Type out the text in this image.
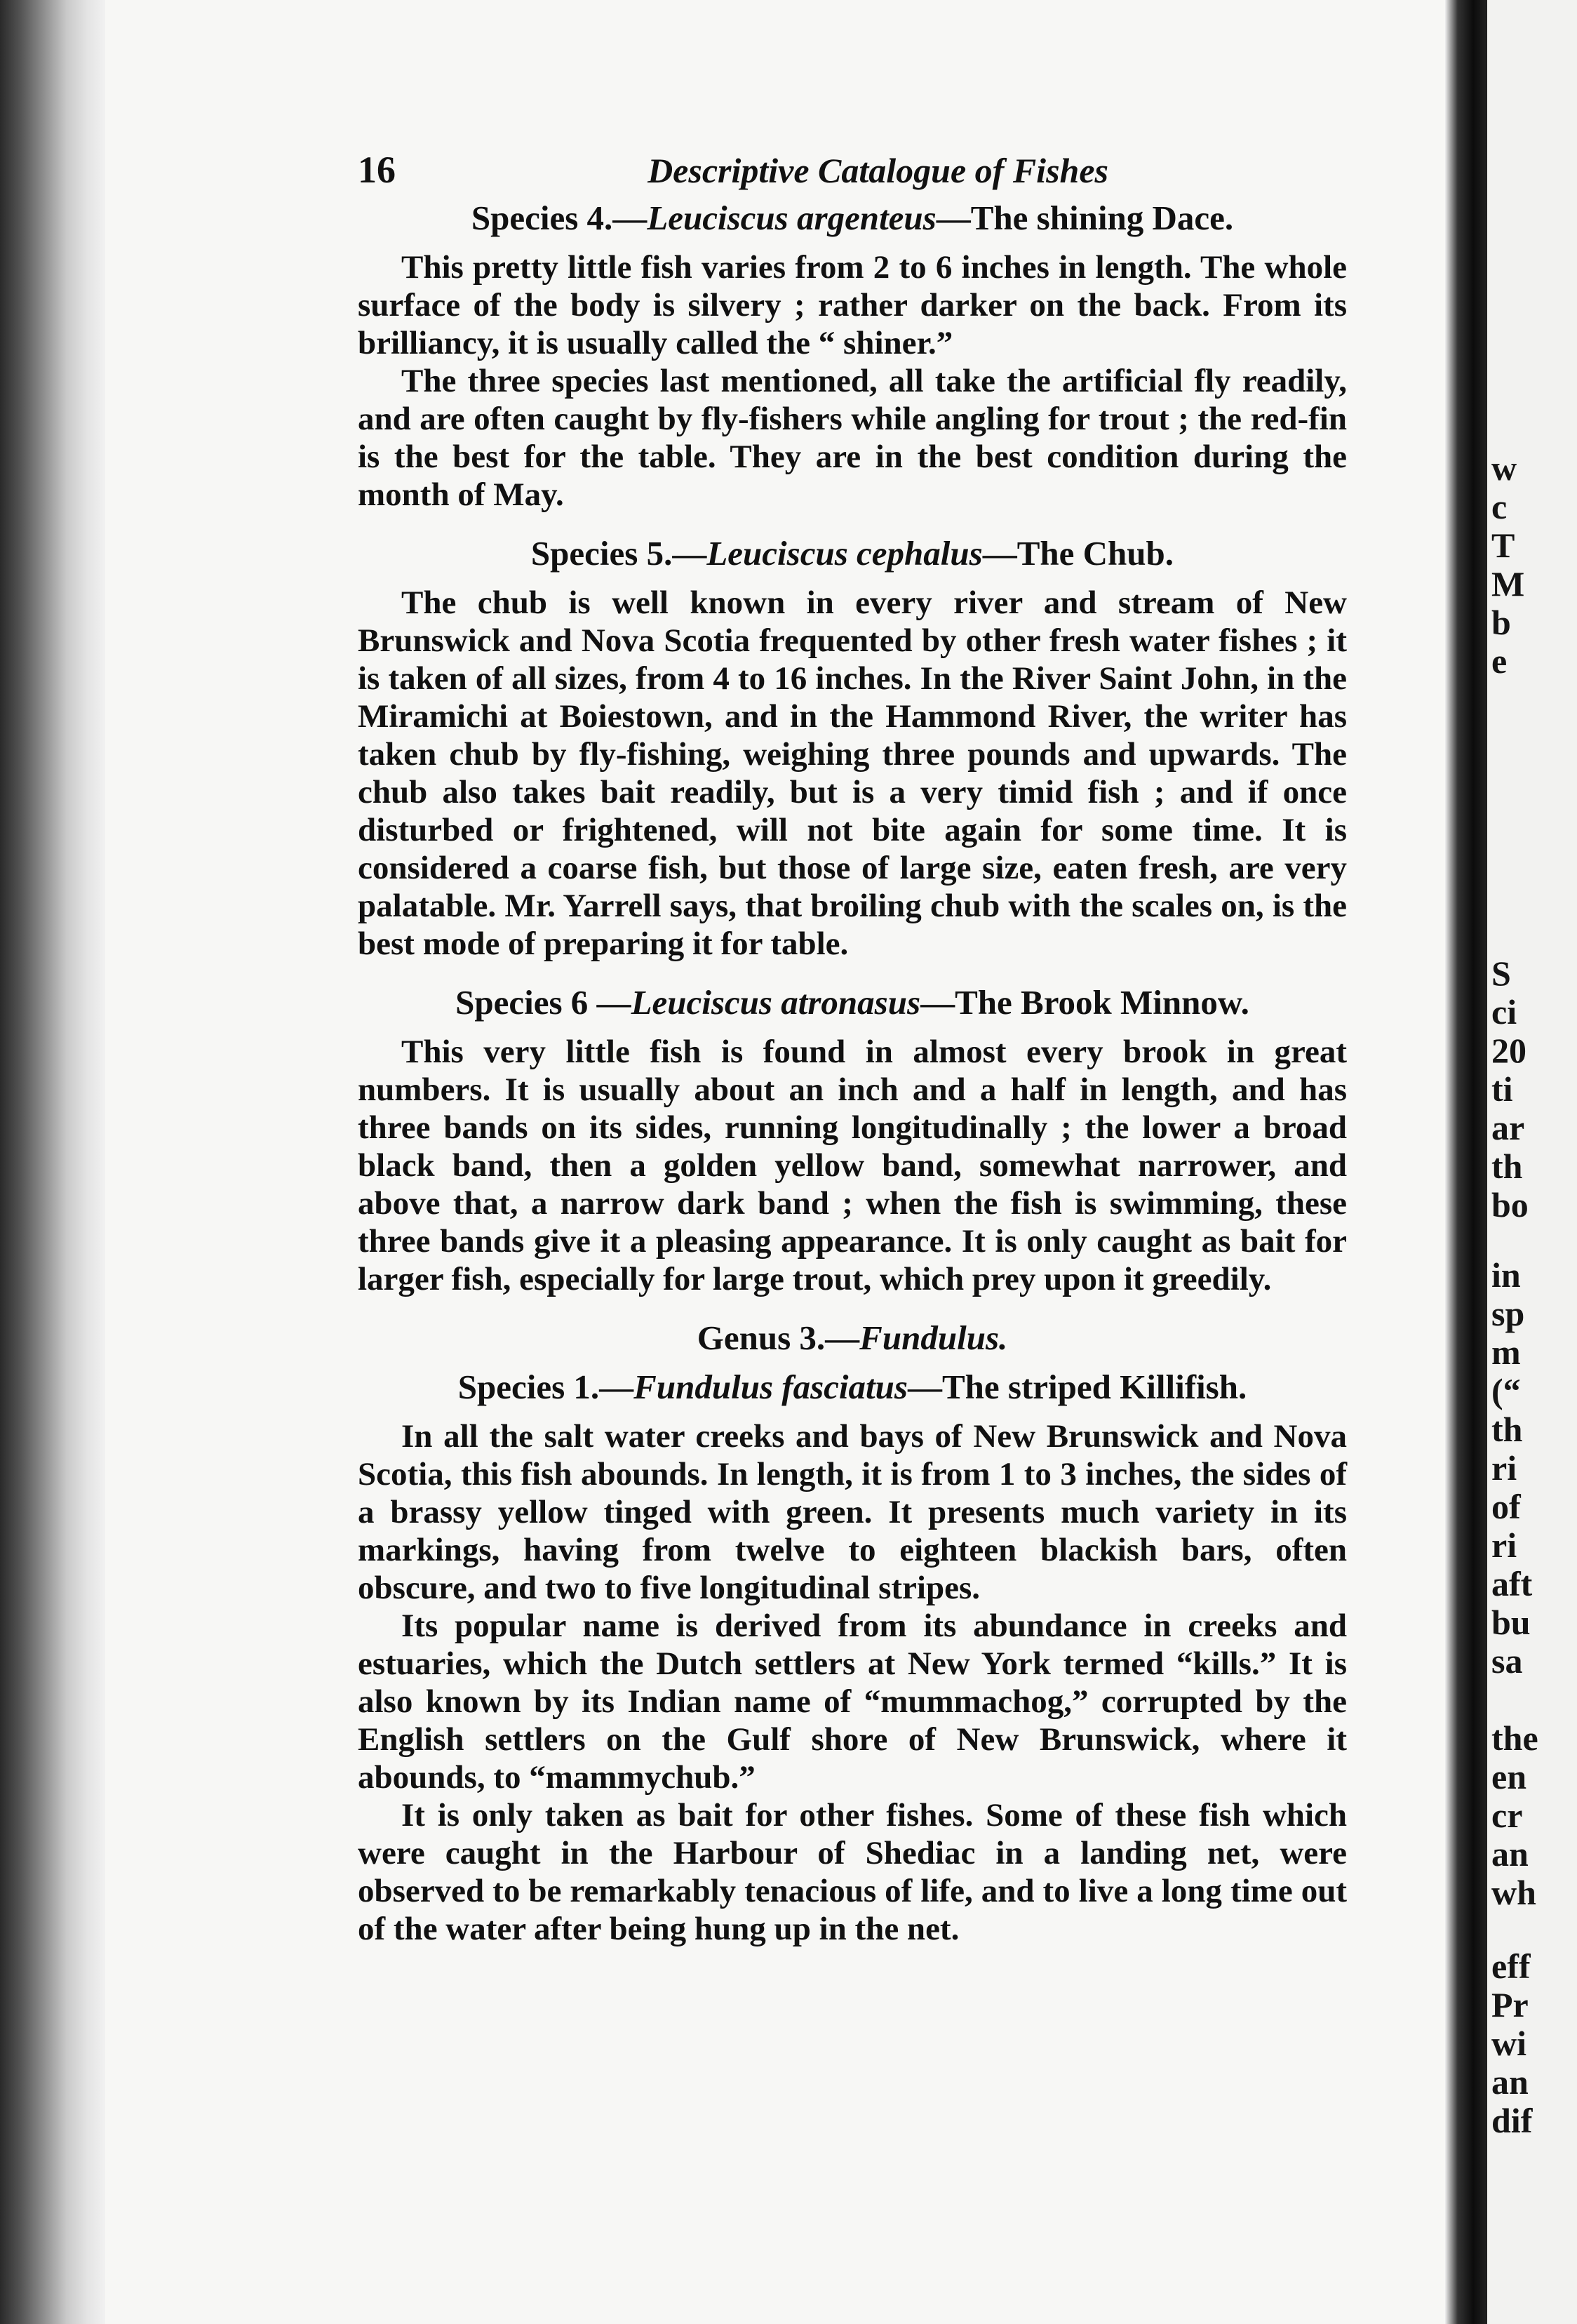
16	Descriptive Catalogue of Fishes
Species 4.—Leuciscus argenteus—The shining Dace.

This pretty little fish varies from 2 to 6 inches in length. The whole surface of the body is silvery ; rather darker on the back. From its brilliancy, it is usually called the “ shiner.”

The three species last mentioned, all take the artificial fly readily, and are often caught by fly-fishers while angling for trout ; the red-fin is the best for the table. They are in the best condition during the month of May.

Species 5.—Leuciscus cephalus—The Chub.

The chub is well known in every river and stream of New Brunswick and Nova Scotia frequented by other fresh water fishes ; it is taken of all sizes, from 4 to 16 inches. In the River Saint John, in the Miramichi at Boiestown, and in the Hammond River, the writer has taken chub by fly-fishing, weighing three pounds and upwards. The chub also takes bait readily, but is a very timid fish ; and if once disturbed or frightened, will not bite again for some time. It is considered a coarse fish, but those of large size, eaten fresh, are very palatable. Mr. Yarrell says, that broiling chub with the scales on, is the best mode of preparing it for table.

Species 6 —Leuciscus atronasus—The Brook Minnow.

This very little fish is found in almost every brook in great numbers. It is usually about an inch and a half in length, and has three bands on its sides, running longitudinally ; the lower a broad black band, then a golden yellow band, somewhat narrower, and above that, a narrow dark band ; when the fish is swimming, these three bands give it a pleasing appearance. It is only caught as bait for larger fish, especially for large trout, which prey upon it greedily.

Genus 3.—Fundulus.
Species 1.—Fundulus fasciatus—The striped Killifish.

In all the salt water creeks and bays of New Brunswick and Nova Scotia, this fish abounds. In length, it is from 1 to 3 inches, the sides of a brassy yellow tinged with green. It presents much variety in its markings, having from twelve to eighteen blackish bars, often obscure, and two to five longitudinal stripes.

Its popular name is derived from its abundance in creeks and estuaries, which the Dutch settlers at New York termed “kills.” It is also known by its Indian name of “mummachog,” corrupted by the English settlers on the Gulf shore of New Brunswick, where it abounds, to “mammychub.”

It is only taken as bait for other fishes. Some of these fish which were caught in the Harbour of Shediac in a landing net, were observed to be remarkably tenacious of life, and to live a long time out of the water after being hung up in the net.

w
c
T
M
b
e
S
ci
20
ti
ar
th
bo
in
sp
m
(“
th
ri
of
ri
aft
bu
sa
the
en
cr
an
wh
eff
Pr
wi
an
dif
